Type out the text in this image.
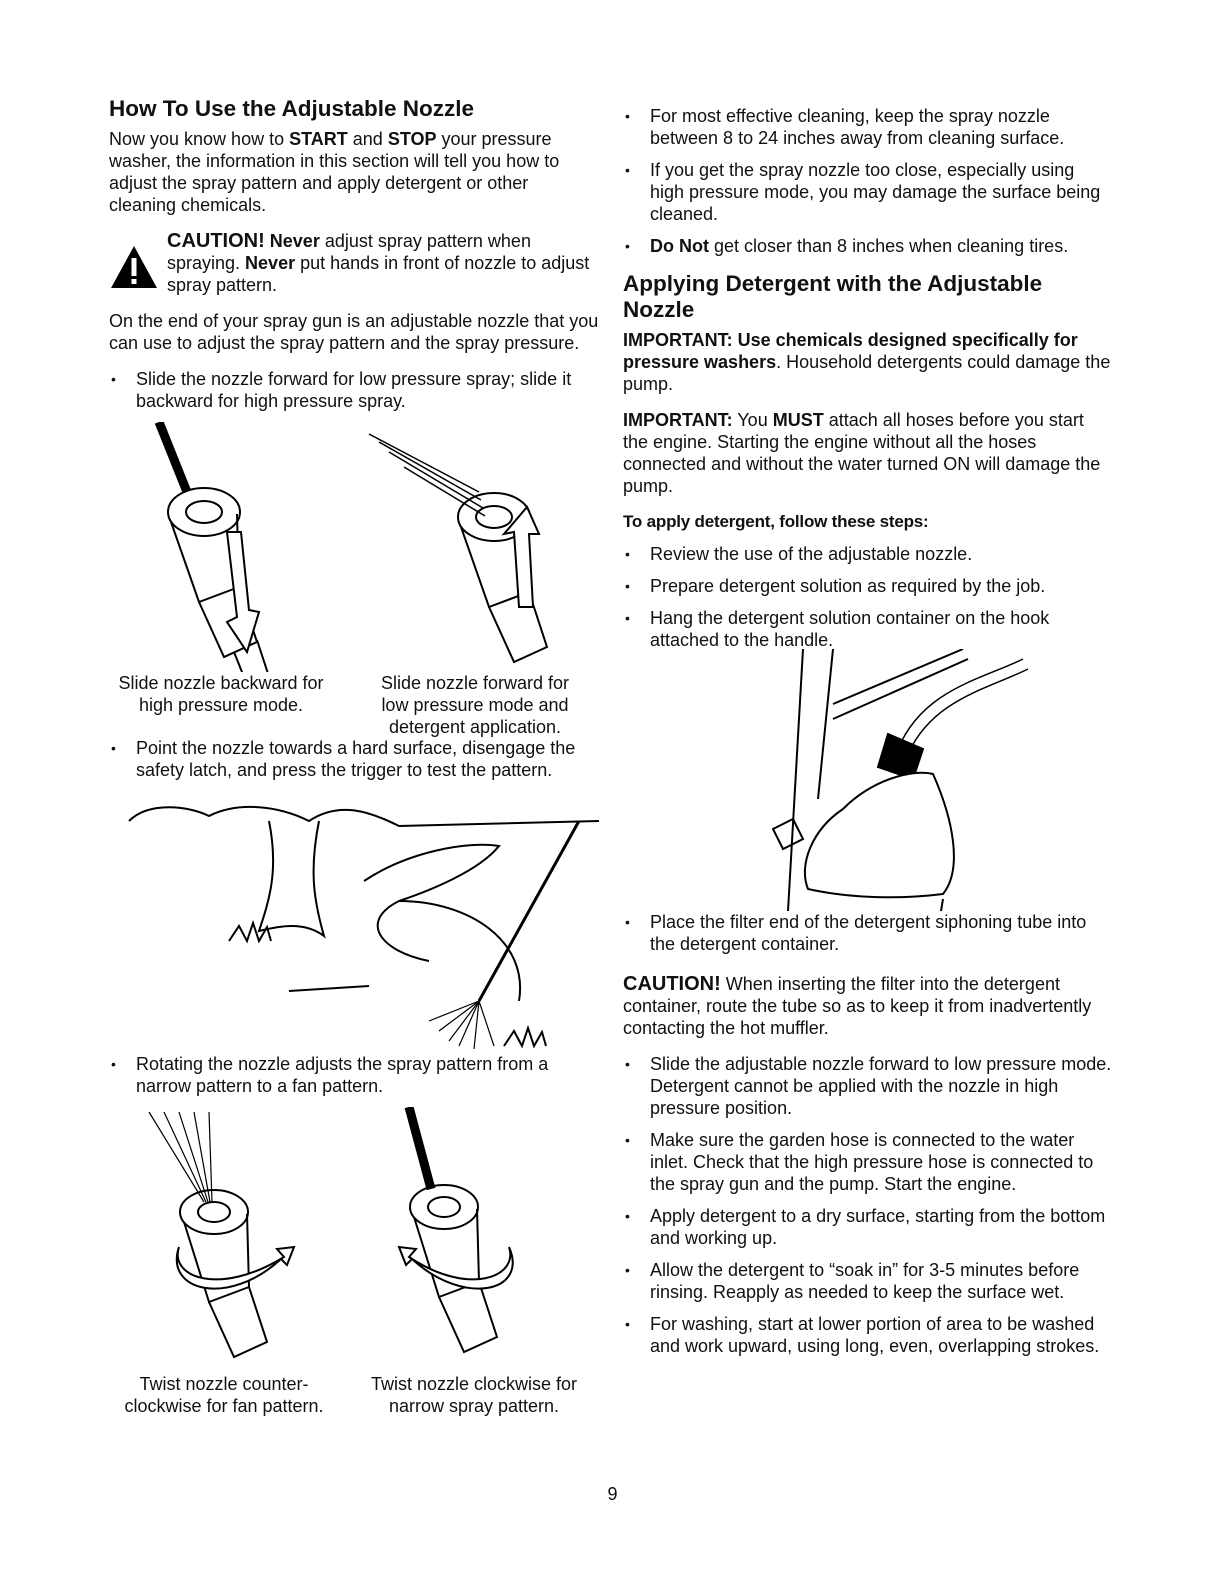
How To Use the Adjustable Nozzle

Now you know how to START and STOP your pressure washer, the information in this section will tell you how to adjust the spray pattern and apply detergent or other cleaning chemicals.

CAUTION! Never adjust spray pattern when spraying. Never put hands in front of nozzle to adjust spray pattern.

On the end of your spray gun is an adjustable nozzle that you can use to adjust the spray pattern and the spray pressure.

• Slide the nozzle forward for low pressure spray; slide it backward for high pressure spray.
Slide nozzle backward for
high pressure mode.
Slide nozzle forward for
low pressure mode and
detergent application.
• Point the nozzle towards a hard surface, disengage the safety latch, and press the trigger to test the pattern.
• Rotating the nozzle adjusts the spray pattern from a narrow pattern to a fan pattern.
Twist nozzle counter-
clockwise for fan pattern.
Twist nozzle clockwise for
narrow spray pattern.
• For most effective cleaning, keep the spray nozzle between 8 to 24 inches away from cleaning surface.
• If you get the spray nozzle too close, especially using high pressure mode, you may damage the surface being cleaned.
• Do Not get closer than 8 inches when cleaning tires.
Applying Detergent with the Adjustable Nozzle

IMPORTANT: Use chemicals designed specifically for pressure washers. Household detergents could damage the pump.

IMPORTANT: You MUST attach all hoses before you start the engine. Starting the engine without all the hoses connected and without the water turned ON will damage the pump.

To apply detergent, follow these steps:
• Review the use of the adjustable nozzle.
• Prepare detergent solution as required by the job.
• Hang the detergent solution container on the hook attached to the handle.
• Place the filter end of the detergent siphoning tube into the detergent container.

CAUTION! When inserting the filter into the detergent container, route the tube so as to keep it from inadvertently contacting the hot muffler.

• Slide the adjustable nozzle forward to low pressure mode. Detergent cannot be applied with the nozzle in high pressure position.
• Make sure the garden hose is connected to the water inlet. Check that the high pressure hose is connected to the spray gun and the pump. Start the engine.
• Apply detergent to a dry surface, starting from the bottom and working up.
• Allow the detergent to “soak in” for 3-5 minutes before rinsing. Reapply as needed to keep the surface wet.
• For washing, start at lower portion of area to be washed and work upward, using long, even, overlapping strokes.
9
